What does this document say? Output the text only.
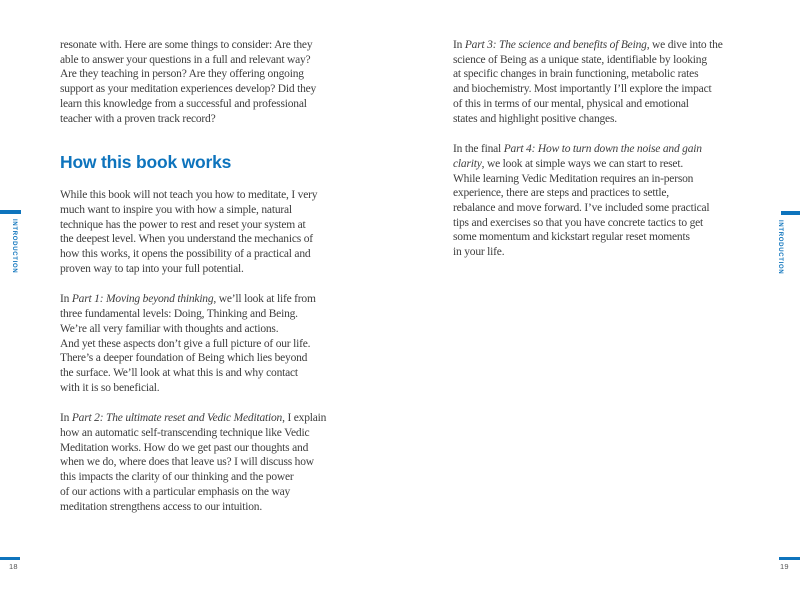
INTRODUCTION	INTRODUCTION

resonate with. Here are some things to consider: Are they
able to answer your questions in a full and relevant way?
Are they teaching in person? Are they offering ongoing
support as your meditation experiences develop? Did they
learn this knowledge from a successful and professional
teacher with a proven track record?

How this book works

While this book will not teach you how to meditate, I very
much want to inspire you with how a simple, natural
technique has the power to rest and reset your system at
the deepest level. When you understand the mechanics of
how this works, it opens the possibility of a practical and
proven way to tap into your full potential.

In Part 1: Moving beyond thinking, we’ll look at life from
three fundamental levels: Doing, Thinking and Being.
We’re all very familiar with thoughts and actions.
And yet these aspects don’t give a full picture of our life.
There’s a deeper foundation of Being which lies beyond
the surface. We’ll look at what this is and why contact
with it is so beneficial.

In Part 2: The ultimate reset and Vedic Meditation, I explain
how an automatic self-transcending technique like Vedic
Meditation works. How do we get past our thoughts and
when we do, where does that leave us? I will discuss how
this impacts the clarity of our thinking and the power
of our actions with a particular emphasis on the way
meditation strengthens access to our intuition.

In Part 3: The science and benefits of Being, we dive into the
science of Being as a unique state, identifiable by looking
at specific changes in brain functioning, metabolic rates
and biochemistry. Most importantly I’ll explore the impact
of this in terms of our mental, physical and emotional
states and highlight positive changes.

In the final Part 4: How to turn down the noise and gain
clarity, we look at simple ways we can start to reset.
While learning Vedic Meditation requires an in-person
experience, there are steps and practices to settle,
rebalance and move forward. I’ve included some practical
tips and exercises so that you have concrete tactics to get
some momentum and kickstart regular reset moments
in your life.

18	19
